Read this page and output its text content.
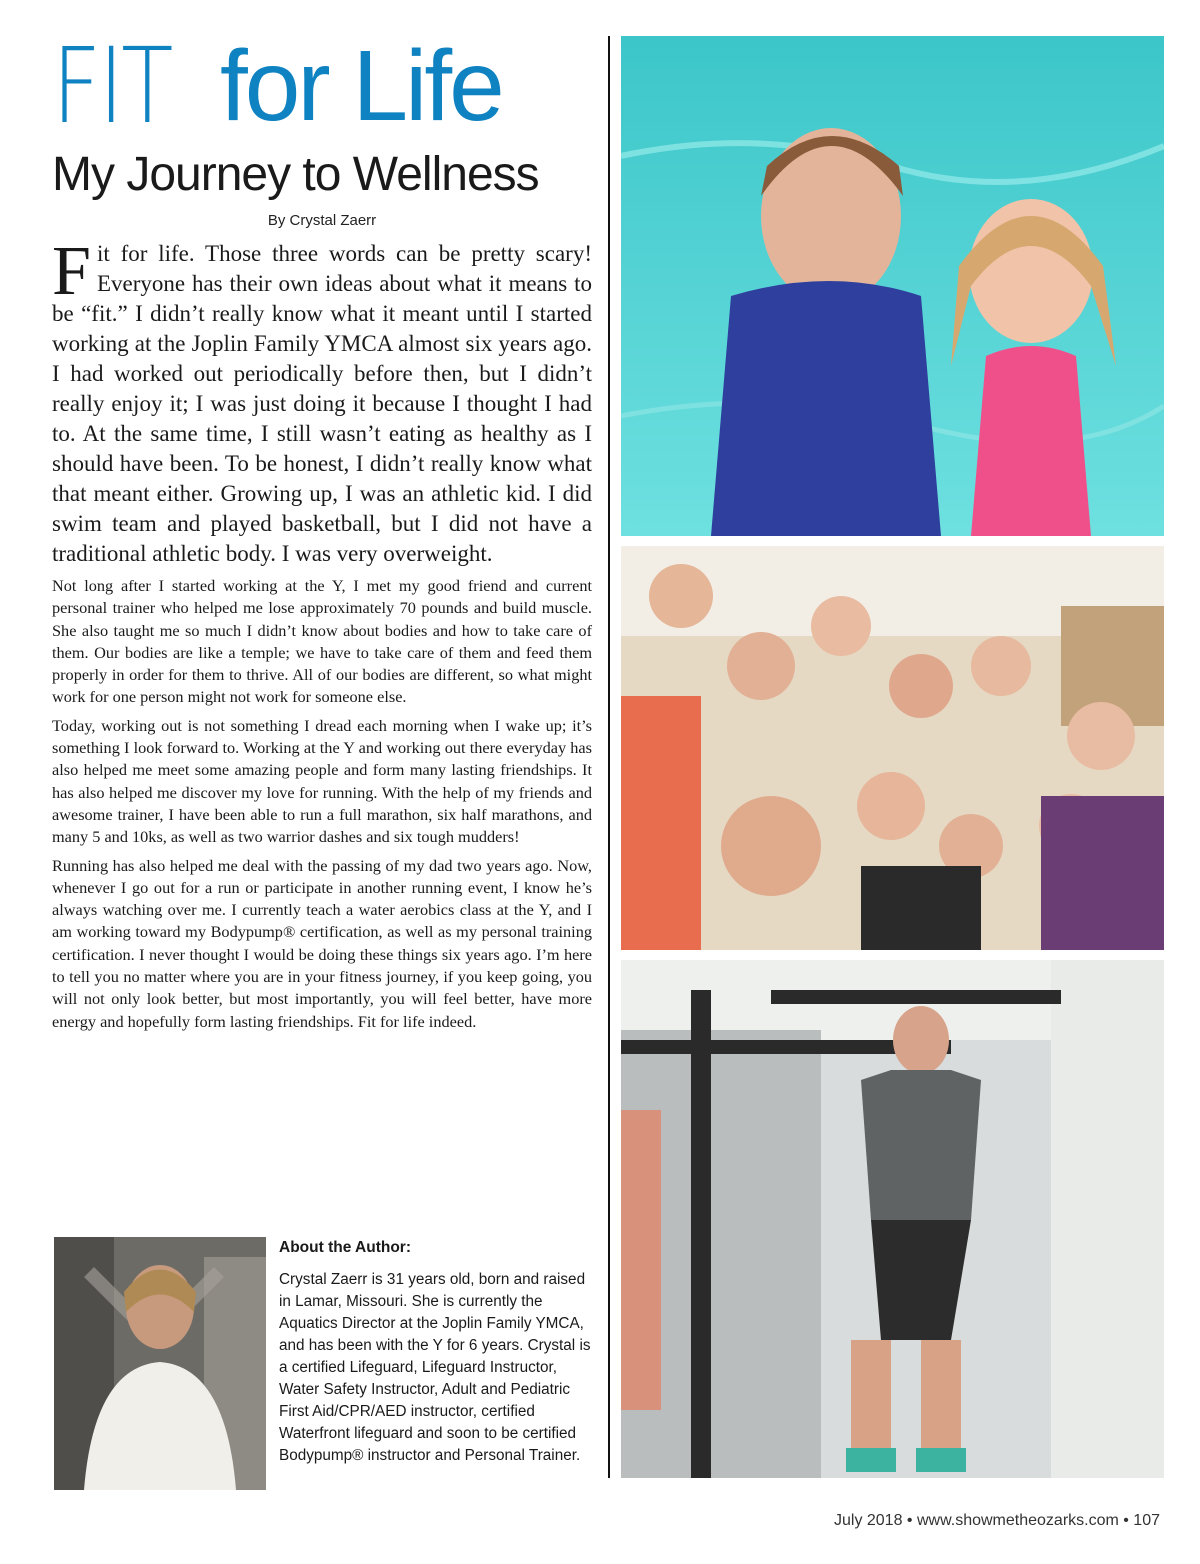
FIT for Life
My Journey to Wellness
By Crystal Zaerr
Fit for life. Those three words can be pretty scary! Everyone has their own ideas about what it means to be “fit.” I didn’t really know what it meant until I started working at the Joplin Family YMCA almost six years ago. I had worked out periodically before then, but I didn’t really enjoy it; I was just doing it because I thought I had to. At the same time, I still wasn’t eating as healthy as I should have been. To be honest, I didn’t really know what that meant either. Growing up, I was an athletic kid. I did swim team and played basketball, but I did not have a traditional athletic body. I was very overweight.

Not long after I started working at the Y, I met my good friend and current personal trainer who helped me lose approximately 70 pounds and build muscle. She also taught me so much I didn’t know about bodies and how to take care of them. Our bodies are like a temple; we have to take care of them and feed them properly in order for them to thrive. All of our bodies are different, so what might work for one person might not work for someone else.

Today, working out is not something I dread each morning when I wake up; it’s something I look forward to. Working at the Y and working out there everyday has also helped me meet some amazing people and form many lasting friendships. It has also helped me discover my love for running. With the help of my friends and awesome trainer, I have been able to run a full marathon, six half marathons, and many 5 and 10ks, as well as two warrior dashes and six tough mudders!

Running has also helped me deal with the passing of my dad two years ago. Now, whenever I go out for a run or participate in another running event, I know he’s always watching over me. I currently teach a water aerobics class at the Y, and I am working toward my Bodypump® certification, as well as my personal training certification. I never thought I would be doing these things six years ago. I’m here to tell you no matter where you are in your fitness journey, if you keep going, you will not only look better, but most importantly, you will feel better, have more energy and hopefully form lasting friendships. Fit for life indeed.

About the Author:
Crystal Zaerr is 31 years old, born and raised in Lamar, Missouri. She is currently the Aquatics Director at the Joplin Family YMCA, and has been with the Y for 6 years. Crystal is a certified Lifeguard, Lifeguard Instructor, Water Safety Instructor, Adult and Pediatric First Aid/CPR/AED instructor, certified Waterfront lifeguard and soon to be certified Bodypump® instructor and Personal Trainer.
July 2018 • www.showmetheozarks.com • 107
